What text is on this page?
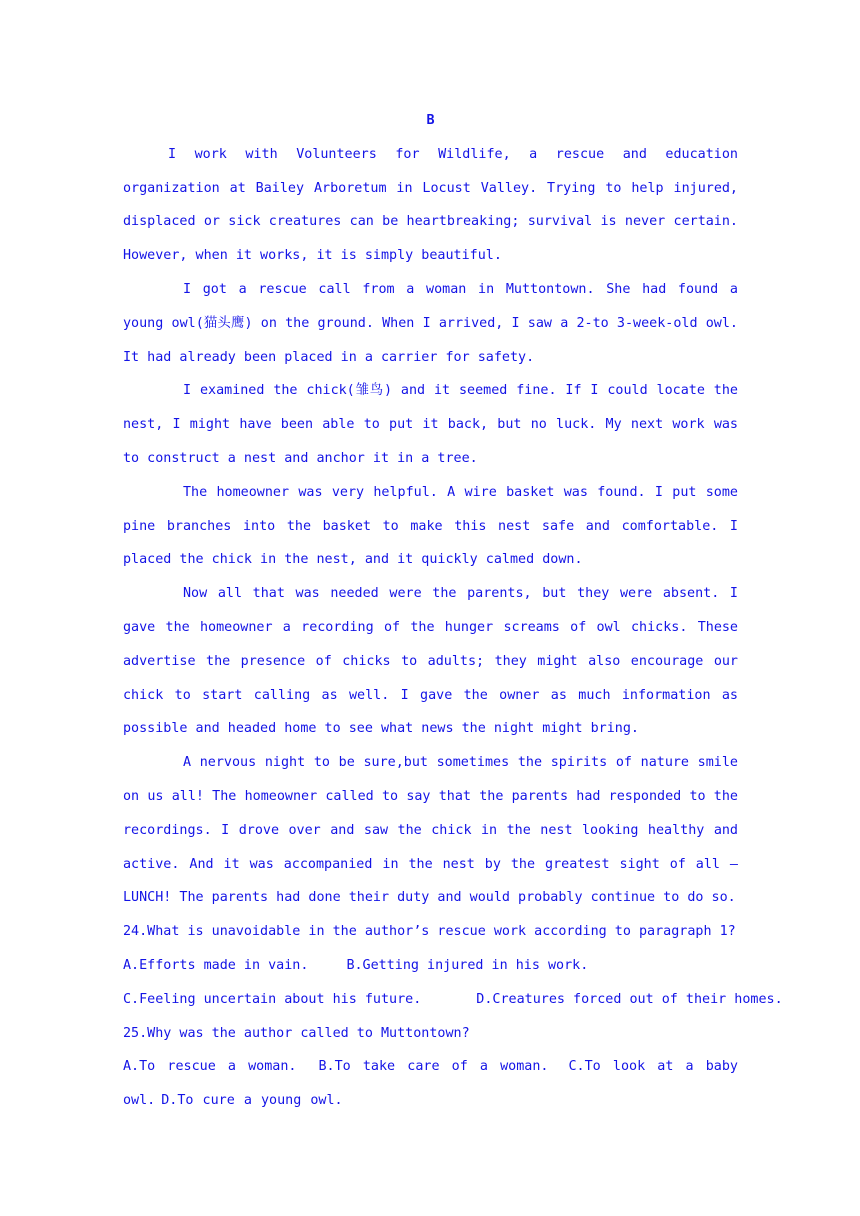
B

I work with Volunteers for Wildlife, a rescue and education organization at Bailey Arboretum in Locust Valley. Trying to help injured, displaced or sick creatures can be heartbreaking; survival is never certain. However, when it works, it is simply beautiful.

I got a rescue call from a woman in Muttontown. She had found a young owl(猫头鹰) on the ground. When I arrived, I saw a 2-to 3-week-old owl. It had already been placed in a carrier for safety.

I examined the chick(雏鸟) and it seemed fine. If I could locate the nest, I might have been able to put it back, but no luck. My next work was to construct a nest and anchor it in a tree.

The homeowner was very helpful. A wire basket was found. I put some pine branches into the basket to make this nest safe and comfortable. I placed the chick in the nest, and it quickly calmed down.

Now all that was needed were the parents, but they were absent. I gave the homeowner a recording of the hunger screams of owl chicks. These advertise the presence of chicks to adults; they might also encourage our chick to start calling as well. I gave the owner as much information as possible and headed home to see what news the night might bring.

A nervous night to be sure,but sometimes the spirits of nature smile on us all! The homeowner called to say that the parents had responded to the recordings. I drove over and saw the chick in the nest looking healthy and active. And it was accompanied in the nest by the greatest sight of all — LUNCH! The parents had done their duty and would probably continue to do so.

24.What is unavoidable in the author’s rescue work according to paragraph 1?

A.Efforts made in vain.	B.Getting injured in his work.

C.Feeling uncertain about his future.	D.Creatures forced out of their homes.

25.Why was the author called to Muttontown?

A.To rescue a woman. B.To take care of a woman. C.To look at a baby owl. D.To cure a young owl.
